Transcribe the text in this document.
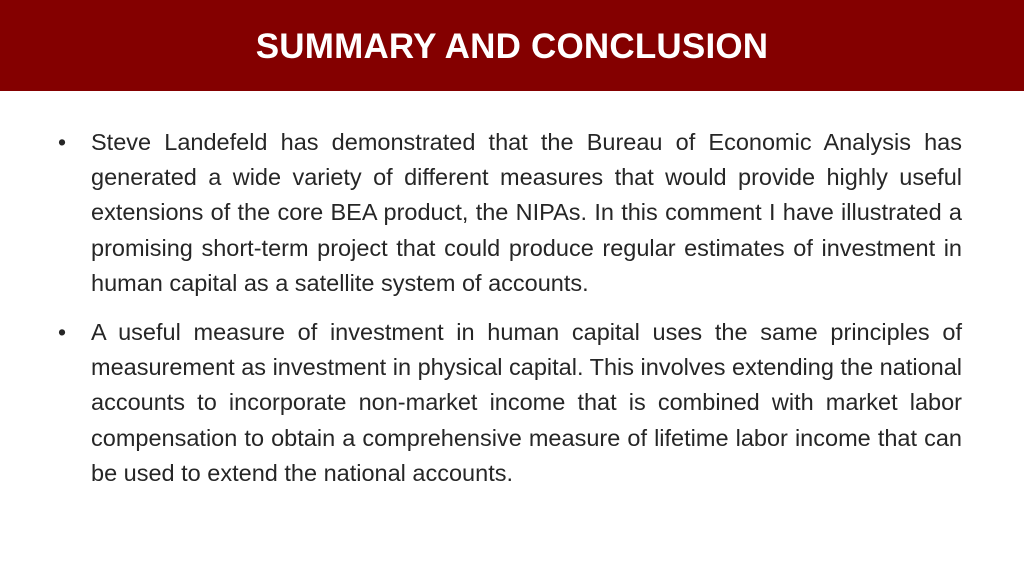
SUMMARY AND CONCLUSION
• Steve Landefeld has demonstrated that the Bureau of Economic Analysis has generated a wide variety of different measures that would provide highly useful extensions of the core BEA product, the NIPAs. In this comment I have illustrated a promising short-term project that could produce regular estimates of investment in human capital as a satellite system of accounts.
• A useful measure of investment in human capital uses the same principles of measurement as investment in physical capital. This involves extending the national accounts to incorporate non-market income that is combined with market labor compensation to obtain a comprehensive measure of lifetime labor income that can be used to extend the national accounts.
